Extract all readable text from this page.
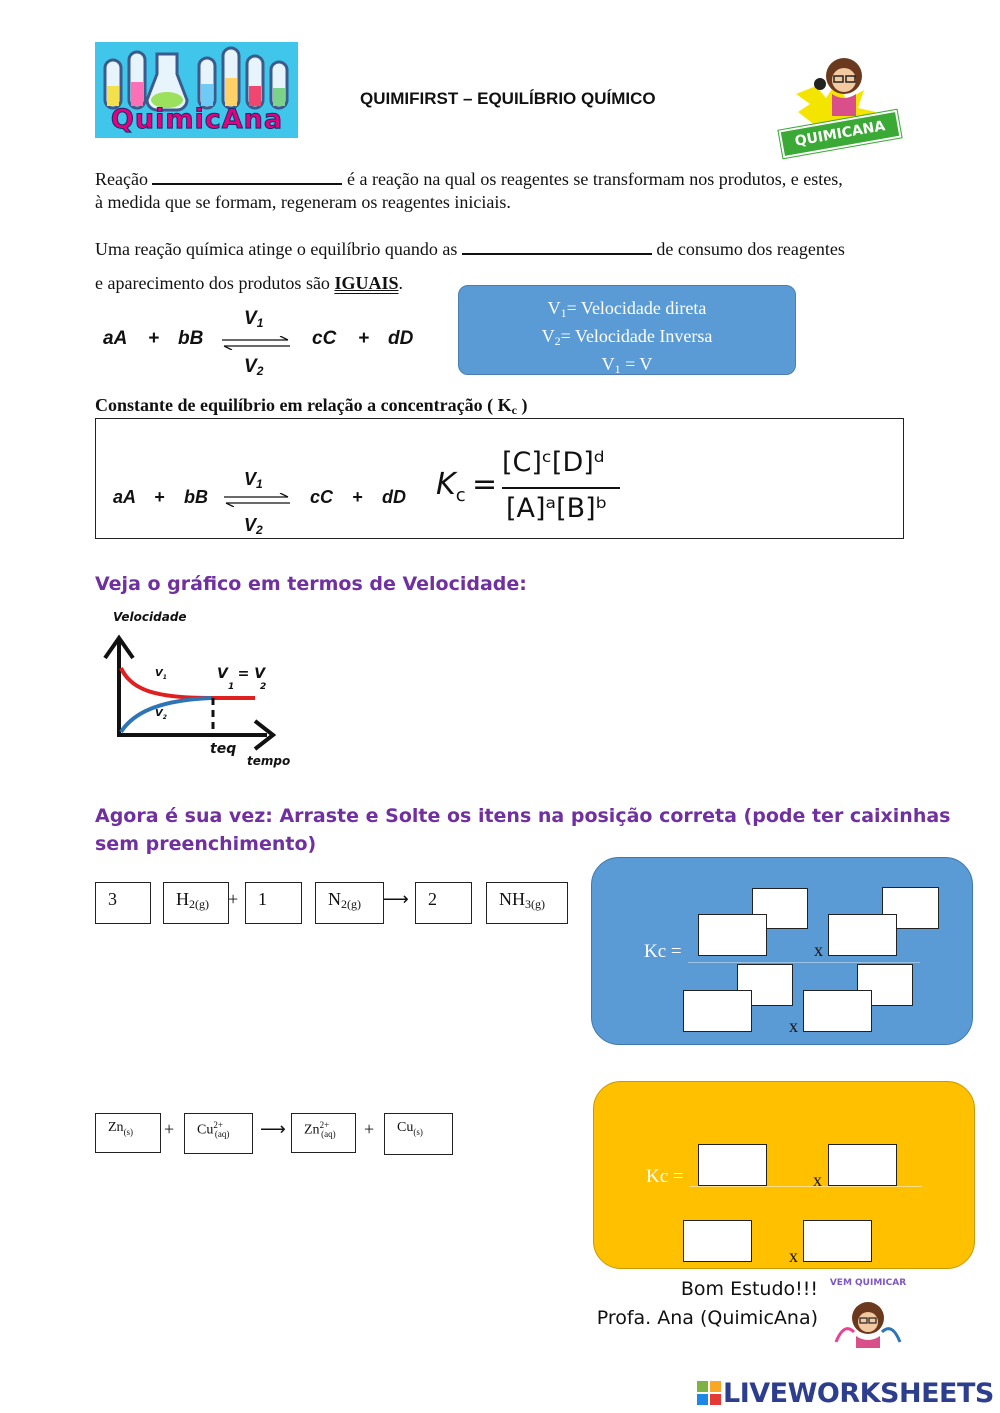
QuimicAna
QUIMIFIRST – EQUILÍBRIO QUÍMICO
QUIMICANA
Reação	é a reação na qual os reagentes se transformam nos produtos, e estes,
à medida que se formam, regeneram os reagentes iniciais.
Uma reação química atinge o equilíbrio quando as	de consumo dos reagentes
e aparecimento dos produtos são IGUAIS.
aA + bB
$V_1$
$V_2$
cC + dD
$V_1=$ Velocidade direta
$V_2=$ Velocidade Inversa
$V_1 = V$
Constante de equilíbrio em relação a concentração ( $K_c$ )
aA + bB
$V_1$
$V_2$
cC + dD $K_c$ =
[C]ᶜ[D]ᵈ
[A]ᵃ[B]ᵇ
Veja o gráfico em termos de Velocidade:
Velocidade
$V_1$
$V_2$
V  = V
1	2
teq
tempo
Agora é sua vez: Arraste e Solte os itens na posição correta (pode ter caixinhas
sem preenchimento)
3	$H_{2(g)}$	+	1	$N_{2(g)}$	⟶	2	$NH_{3(g)}$
Kc =	x
x
$Zn_{(s)}$	+	$Cu^{2+}_{(aq)}$	⟶	$Zn^{2+}_{(aq)}$	+	$Cu_{(s)}$
Kc =	x
x
Bom Estudo!!!
Profa. Ana (QuimicAna)
VEM QUIMICAR
LIVEWORKSHEETS
